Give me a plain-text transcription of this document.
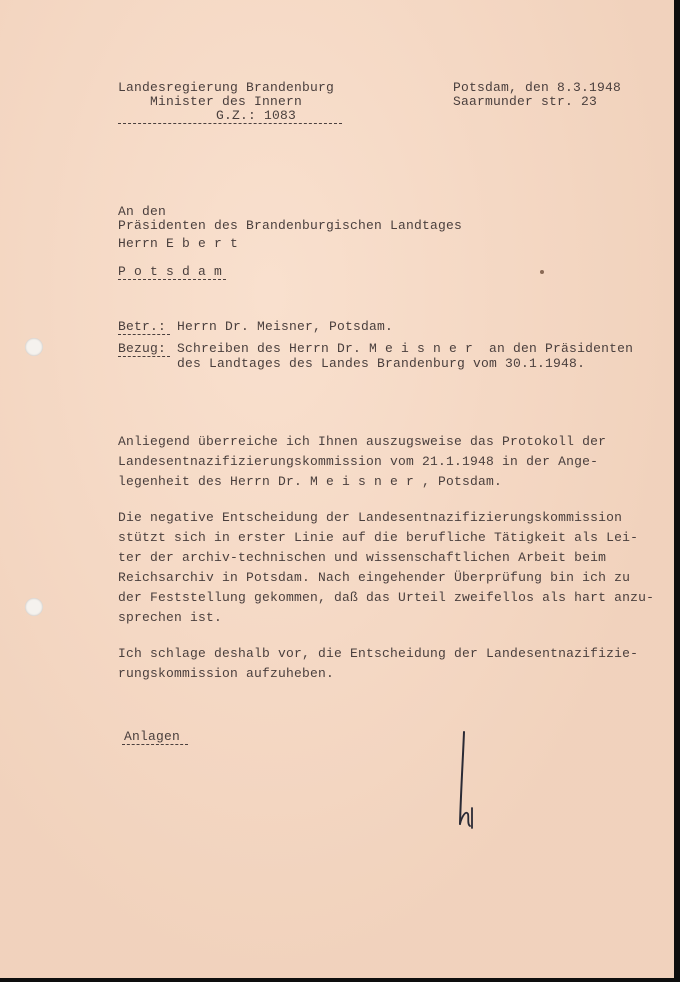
Landesregierung Brandenburg
Minister des Innern
G.Z.: 1083
Potsdam, den 8.3.1948
Saarmunder str. 23
An den
Präsidenten des Brandenburgischen Landtages
Herrn E b e r t
P o t s d a m
Betr.: Herrn Dr. Meisner, Potsdam.
Bezug: Schreiben des Herrn Dr. M e i s n e r  an den Präsidenten
des Landtages des Landes Brandenburg vom 30.1.1948.
Anliegend überreiche ich Ihnen auszugsweise das Protokoll der
Landesentnazifizierungskommission vom 21.1.1948 in der Ange-
legenheit des Herrn Dr. M e i s n e r , Potsdam.
Die negative Entscheidung der Landesentnazifizierungskommission
stützt sich in erster Linie auf die berufliche Tätigkeit als Lei-
ter der archiv-technischen und wissenschaftlichen Arbeit beim
Reichsarchiv in Potsdam. Nach eingehender Überprüfung bin ich zu
der Feststellung gekommen, daß das Urteil zweifellos als hart anzu-
sprechen ist.
Ich schlage deshalb vor, die Entscheidung der Landesentnazifizie-
rungskommission aufzuheben.
Anlagen
